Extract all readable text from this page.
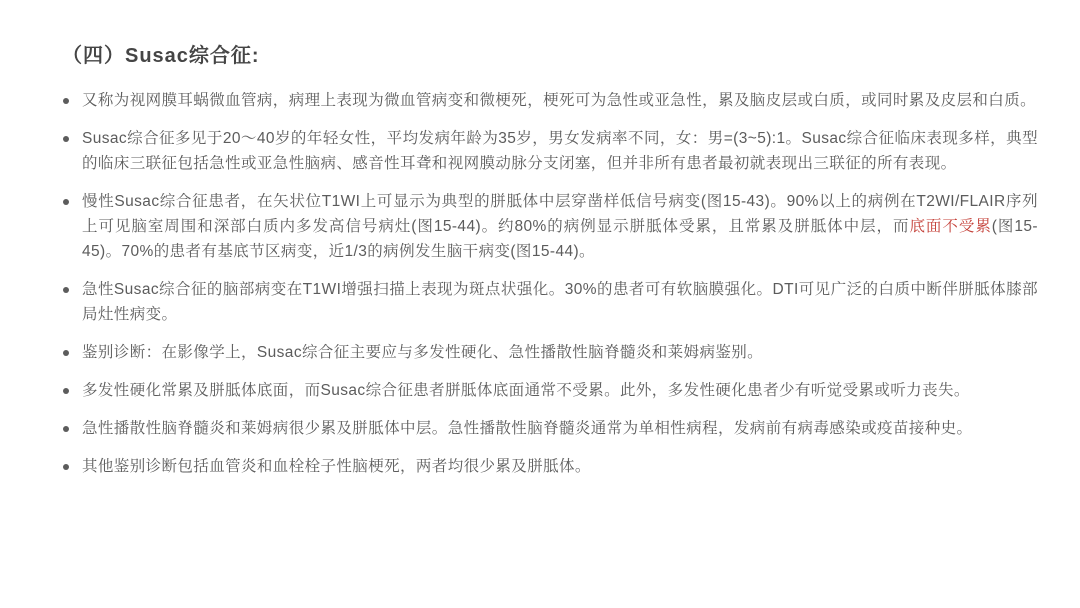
（四）Susac综合征:
又称为视网膜耳蜗微血管病，病理上表现为微血管病变和微梗死，梗死可为急性或亚急性，累及脑皮层或白质，或同时累及皮层和白质。
Susac综合征多见于20～40岁的年轻女性，平均发病年龄为35岁，男女发病率不同，女：男=(3~5):1。Susac综合征临床表现多样，典型的临床三联征包括急性或亚急性脑病、感音性耳聋和视网膜动脉分支闭塞，但并非所有患者最初就表现出三联征的所有表现。
慢性Susac综合征患者，在矢状位T1WI上可显示为典型的胼胝体中层穿凿样低信号病变(图15-43)。90%以上的病例在T2WI/FLAIR序列上可见脑室周围和深部白质内多发高信号病灶(图15-44)。约80%的病例显示胼胝体受累，且常累及胼胝体中层，而底面不受累(图15-45)。70%的患者有基底节区病变，近1/3的病例发生脑干病变(图15-44)。
急性Susac综合征的脑部病变在T1WI增强扫描上表现为斑点状强化。30%的患者可有软脑膜强化。DTI可见广泛的白质中断伴胼胝体膝部局灶性病变。
鉴别诊断：在影像学上，Susac综合征主要应与多发性硬化、急性播散性脑脊髓炎和莱姆病鉴别。
多发性硬化常累及胼胝体底面，而Susac综合征患者胼胝体底面通常不受累。此外，多发性硬化患者少有听觉受累或听力丧失。
急性播散性脑脊髓炎和莱姆病很少累及胼胝体中层。急性播散性脑脊髓炎通常为单相性病程，发病前有病毒感染或疫苗接种史。
其他鉴别诊断包括血管炎和血栓栓子性脑梗死，两者均很少累及胼胝体。
